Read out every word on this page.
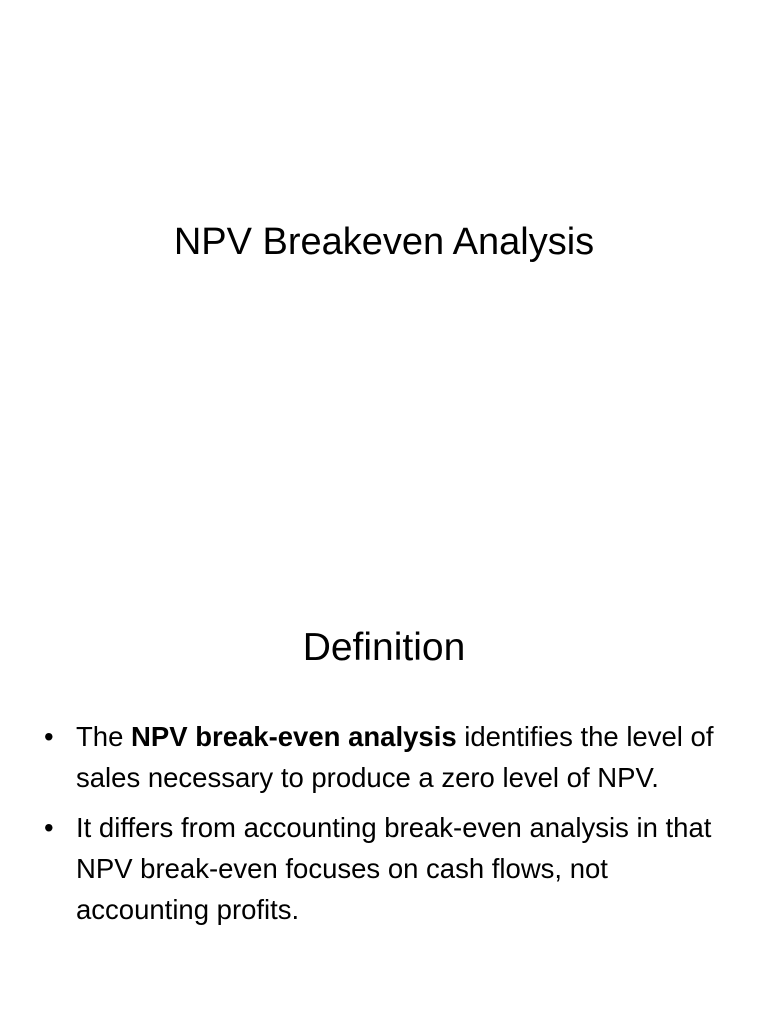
NPV Breakeven Analysis
Definition
• The NPV break-even analysis identifies the level of sales necessary to produce a zero level of NPV.
• It differs from accounting break-even analysis in that NPV break-even focuses on cash flows, not accounting profits.
